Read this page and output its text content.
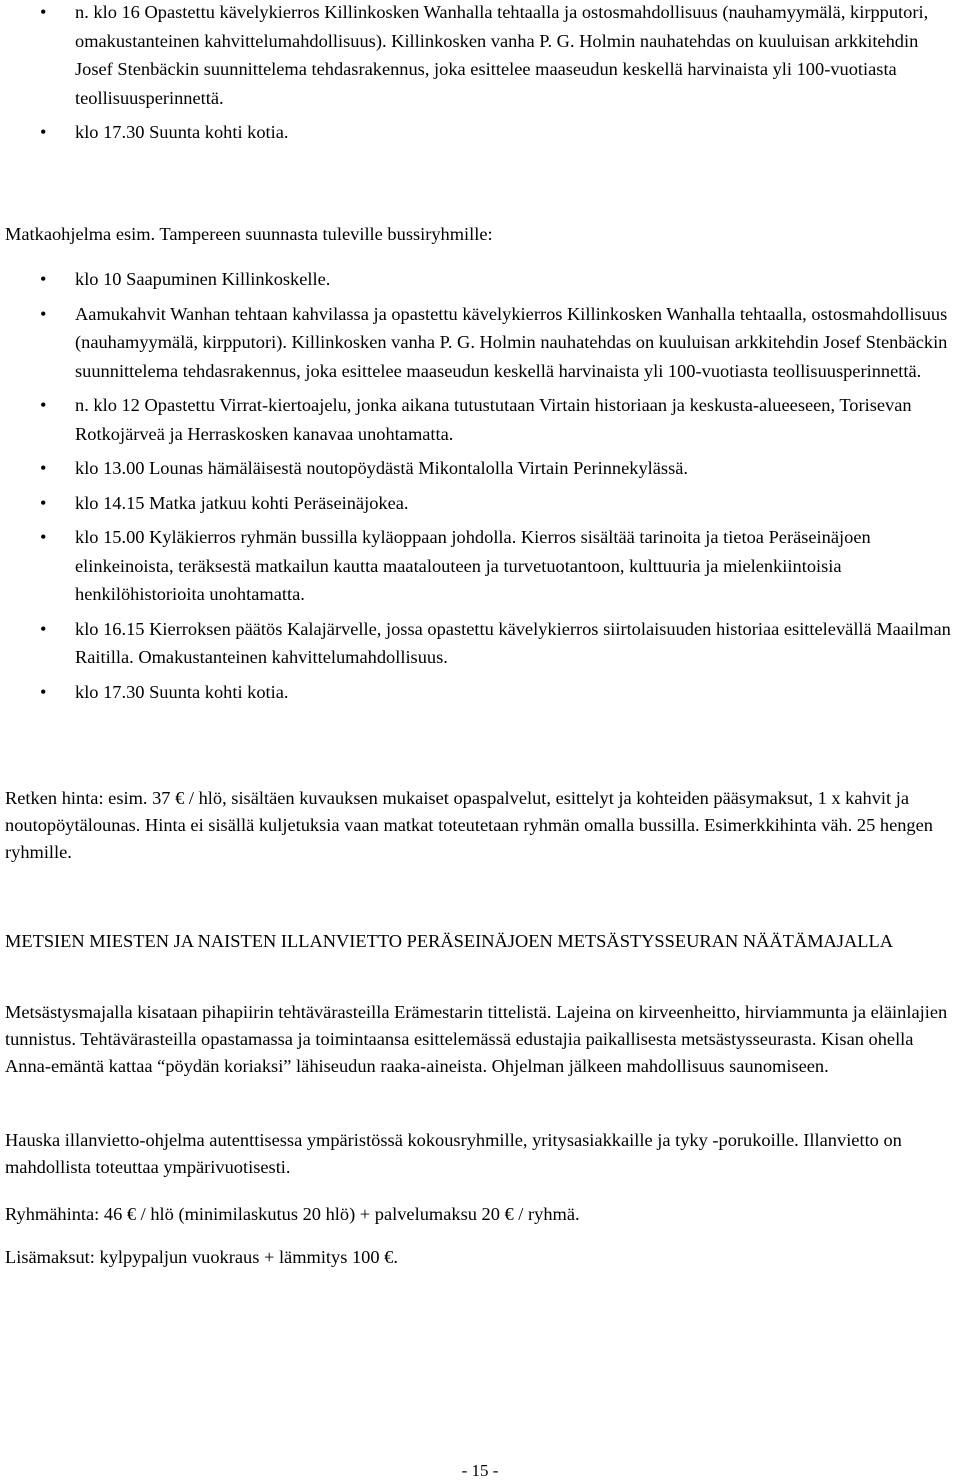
• n. klo 16 Opastettu kävelykierros Killinkosken Wanhalla tehtaalla ja ostosmahdollisuus (nauhamyymälä, kirpputori, omakustanteinen kahvittelumahdollisuus). Killinkosken vanha P. G. Holmin nauhatehdas on kuuluisan arkkitehdin Josef Stenbäckin suunnittelema tehdasrakennus, joka esittelee maaseudun keskellä harvinaista yli 100-vuotiasta teollisuusperinnettä.
• klo 17.30 Suunta kohti kotia.

Matkaohjelma esim. Tampereen suunnasta tuleville bussiryhmille:

• klo 10 Saapuminen Killinkoskelle.
• Aamukahvit Wanhan tehtaan kahvilassa ja opastettu kävelykierros Killinkosken Wanhalla tehtaalla, ostosmahdollisuus (nauhamyymälä, kirpputori). Killinkosken vanha P. G. Holmin nauhatehdas on kuuluisan arkkitehdin Josef Stenbäckin suunnittelema tehdasrakennus, joka esittelee maaseudun keskellä harvinaista yli 100-vuotiasta teollisuusperinnettä.
• n. klo 12 Opastettu Virrat-kiertoajelu, jonka aikana tutustutaan Virtain historiaan ja keskusta-alueeseen, Torisevan Rotkojärveä ja Herraskosken kanavaa unohtamatta.
• klo 13.00 Lounas hämäläisestä noutopöydästä Mikontalolla Virtain Perinnekylässä.
• klo 14.15 Matka jatkuu kohti Peräseinäjokea.
• klo 15.00 Kyläkierros ryhmän bussilla kyläoppaan johdolla. Kierros sisältää tarinoita ja tietoa Peräseinäjoen elinkeinoista, teräksestä matkailun kautta maatalouteen ja turvetuotantoon, kulttuuria ja mielenkiintoisia henkilöhistorioita unohtamatta.
• klo 16.15 Kierroksen päätös Kalajärvelle, jossa opastettu kävelykierros siirtolaisuuden historiaa esittelevällä Maailman Raitilla. Omakustanteinen kahvittelumahdollisuus.
• klo 17.30 Suunta kohti kotia.

Retken hinta: esim. 37 € / hlö, sisältäen kuvauksen mukaiset opaspalvelut, esittelyt ja kohteiden pääsymaksut, 1 x kahvit ja noutopöytälounas. Hinta ei sisällä kuljetuksia vaan matkat toteutetaan ryhmän omalla bussilla. Esimerkkihinta väh. 25 hengen ryhmille.

METSIEN MIESTEN JA NAISTEN ILLANVIETTO PERÄSEINÄJOEN METSÄSTYSSEURAN NÄÄTÄMAJALLA

Metsästysmajalla kisataan pihapiirin tehtävärasteilla Erämestarin tittelistä. Lajeina on kirveenheitto, hirviammunta ja eläinlajien tunnistus. Tehtävärasteilla opastamassa ja toimintaansa esittelemässä edustajia paikallisesta metsästysseurasta. Kisan ohella Anna-emäntä kattaa “pöydän koriaksi” lähiseudun raaka-aineista. Ohjelman jälkeen mahdollisuus saunomiseen.

Hauska illanvietto-ohjelma autenttisessa ympäristössä kokousryhmille, yritysasiakkaille ja tyky -porukoille. Illanvietto on mahdollista toteuttaa ympärivuotisesti.

Ryhmähinta: 46 € / hlö (minimilaskutus 20 hlö) + palvelumaksu 20 € / ryhmä.

Lisämaksut: kylpypaljun vuokraus + lämmitys 100 €.

- 15 -
